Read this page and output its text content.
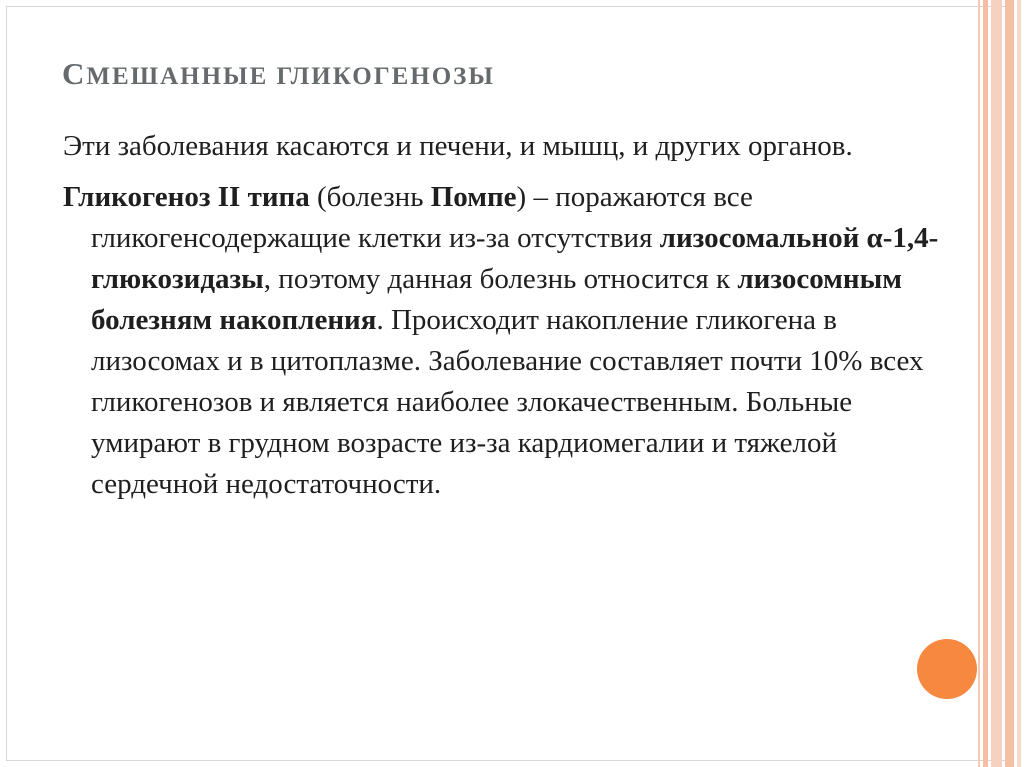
СМЕШАННЫЕ ГЛИКОГЕНОЗЫ

Эти заболевания касаются и печени, и мышц, и других органов.

Гликогеноз II типа (болезнь Помпе) – поражаются все гликогенсодержащие клетки из-за отсутствия лизосомальной α-1,4-глюкозидазы, поэтому данная болезнь относится к лизосомным болезням накопления. Происходит накопление гликогена в лизосомах и в цитоплазме. Заболевание составляет почти 10% всех гликогенозов и является наиболее злокачественным. Больные умирают в грудном возрасте из-за кардиомегалии и тяжелой сердечной недостаточности.
